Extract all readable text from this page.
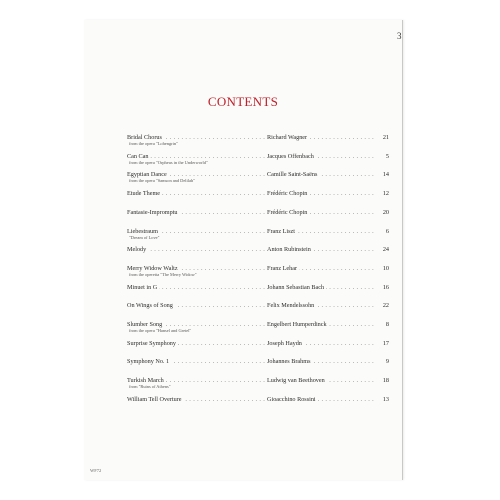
3
CONTENTS
Bridal Chorus . . .	Richard Wagner . . .	21
from the opera "Lohengrin"
Can Can . . .	Jacques Offenbach . . .	5
from the opera "Orpheus in the Underworld"
Egyptian Dance . . .	Camille Saint-Saëns . . .	14
from the opera "Samson and Delilah"
Etude Theme . . .	Frédéric Chopin . . .	12
Fantasie-Impromptu . . .	Frédéric Chopin . . .	20
Liebestraum . . .	Franz Liszt . . .	6
"Dream of Love"
Melody . . .	Anton Rubinstein . . .	24
Merry Widow Waltz . . .	Franz Lehar . . .	10
from the operetta "The Merry Widow"
Minuet in G . . .	Johann Sebastian Bach . . .	16
On Wings of Song . . .	Felix Mendelssohn . . .	22
Slumber Song . . .	Engelbert Humperdinck . . .	8
from the opera "Hansel and Gretel"
Surprise Symphony . . .	Joseph Haydn . . .	17
Symphony No. 1 . . .	Johannes Brahms . . .	9
Turkish March . . .	Ludwig van Beethoven . . .	18
from "Ruins of Athens"
William Tell Overture . . .	Gioacchino Rossini . . .	13
WF72
